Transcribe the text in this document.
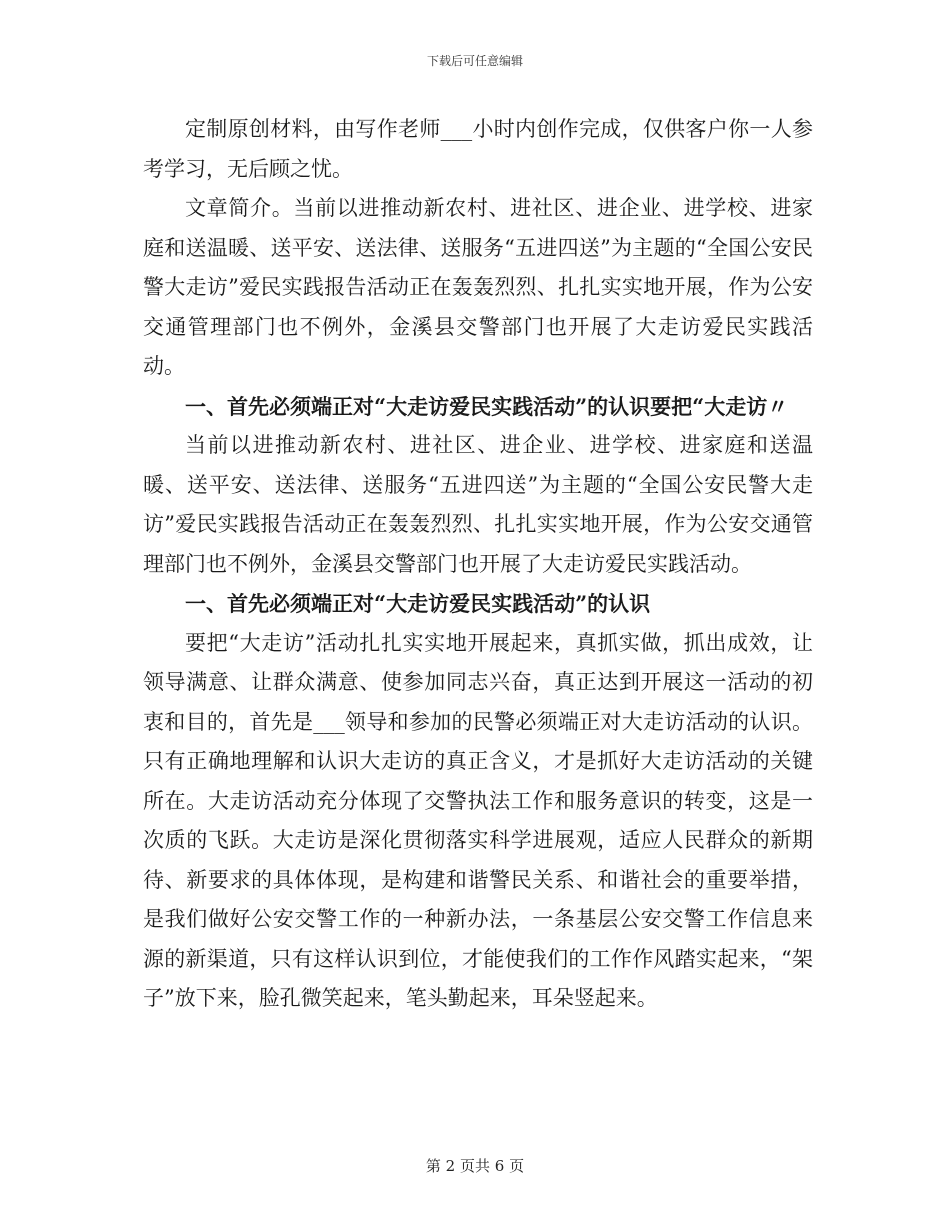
下载后可任意编辑

定制原创材料，由写作老师___小时内创作完成，仅供客户你一人参考学习，无后顾之忧。

文章简介。当前以进推动新农村、进社区、进企业、进学校、进家庭和送温暖、送平安、送法律、送服务“五进四送”为主题的“全国公安民警大走访”爱民实践报告活动正在轰轰烈烈、扎扎实实地开展，作为公安交通管理部门也不例外，金溪县交警部门也开展了大走访爱民实践活动。

一、首先必须端正对“大走访爱民实践活动”的认识要把“大走访〃

当前以进推动新农村、进社区、进企业、进学校、进家庭和送温暖、送平安、送法律、送服务“五进四送”为主题的“全国公安民警大走访”爱民实践报告活动正在轰轰烈烈、扎扎实实地开展，作为公安交通管理部门也不例外，金溪县交警部门也开展了大走访爱民实践活动。

一、首先必须端正对“大走访爱民实践活动”的认识

要把“大走访”活动扎扎实实地开展起来，真抓实做，抓出成效，让领导满意、让群众满意、使参加同志兴奋，真正达到开展这一活动的初衷和目的，首先是___领导和参加的民警必须端正对大走访活动的认识。只有正确地理解和认识大走访的真正含义，才是抓好大走访活动的关键所在。大走访活动充分体现了交警执法工作和服务意识的转变，这是一次质的飞跃。大走访是深化贯彻落实科学进展观，适应人民群众的新期待、新要求的具体体现，是构建和谐警民关系、和谐社会的重要举措，是我们做好公安交警工作的一种新办法，一条基层公安交警工作信息来源的新渠道，只有这样认识到位，才能使我们的工作作风踏实起来，“架子”放下来，脸孔微笑起来，笔头勤起来，耳朵竖起来。

第 2 页共 6 页
